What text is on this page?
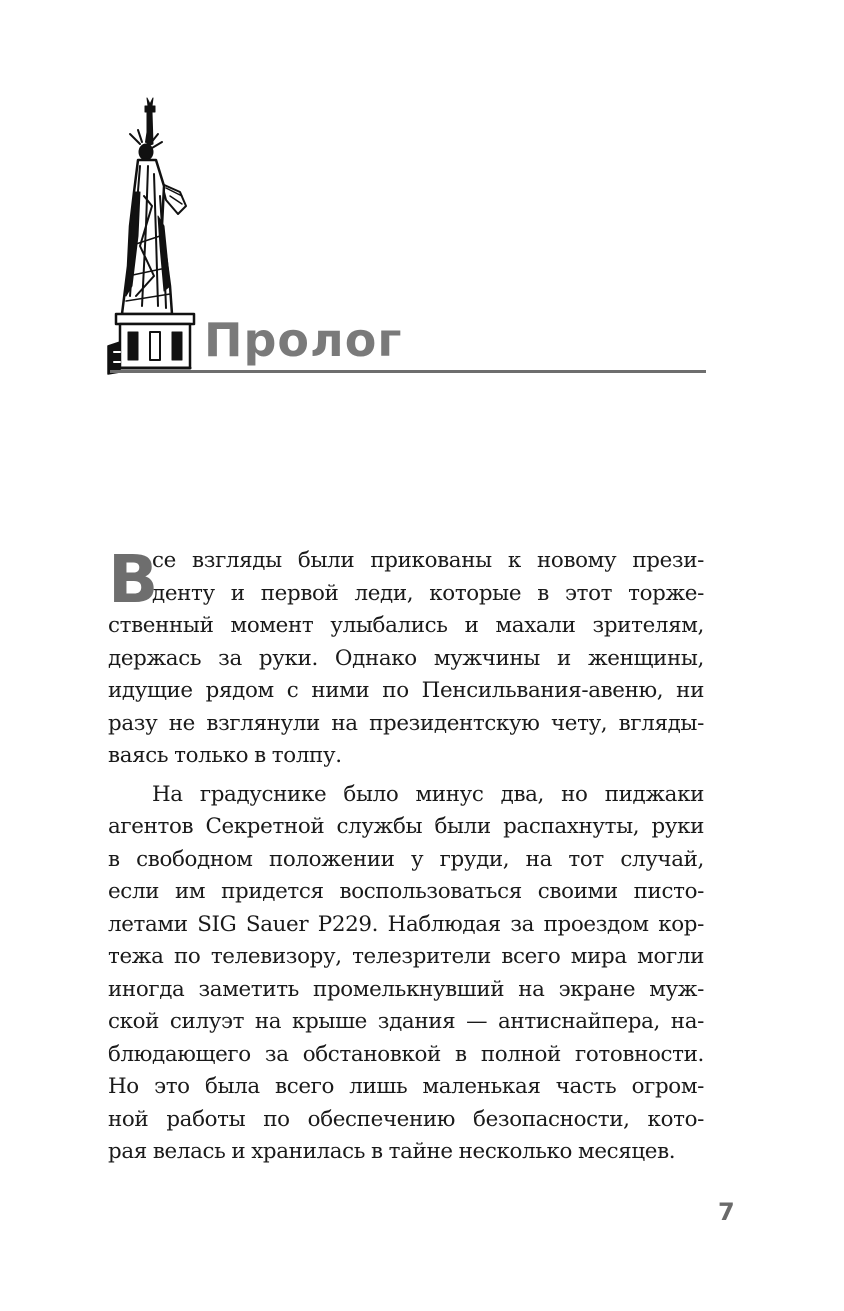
Пролог
В
се взгляды были прикованы к новому прези-
денту и первой леди, которые в этот торже-
ственный момент улыбались и махали зрителям,
держась за руки. Однако мужчины и женщины,
идущие рядом с ними по Пенсильвания-авеню, ни
разу не взглянули на президентскую чету, вгляды-
ваясь только в толпу.
На градуснике было минус два, но пиджаки
агентов Секретной службы были распахнуты, руки
в свободном положении у груди, на тот случай,
если им придется воспользоваться своими писто-
летами SIG Sauer P229. Наблюдая за проездом кор-
тежа по телевизору, телезрители всего мира могли
иногда заметить промелькнувший на экране муж-
ской силуэт на крыше здания — антиснайпера, на-
блюдающего за обстановкой в полной готовности.
Но это была всего лишь маленькая часть огром-
ной работы по обеспечению безопасности, кото-
рая велась и хранилась в тайне несколько месяцев.
7
